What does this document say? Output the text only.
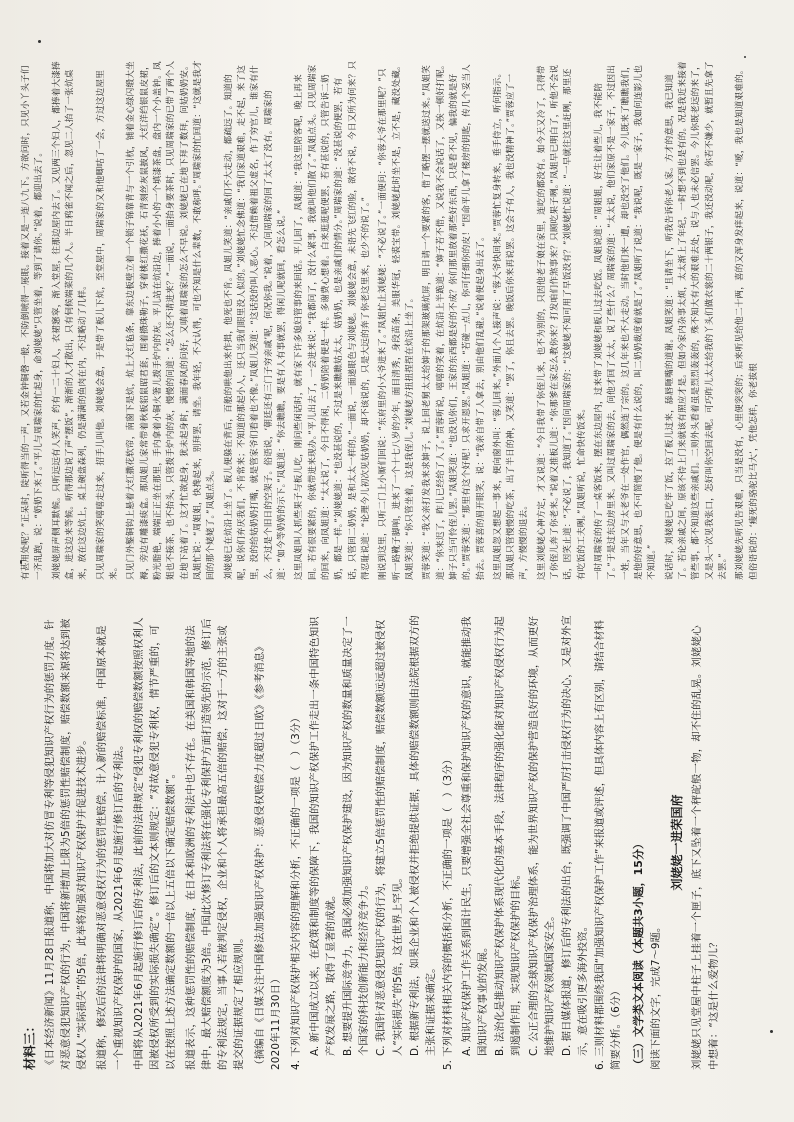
材料三： 《日本经济新闻》11月28日报道称，中国将加大对仿冒专利等侵犯知识产权行为的惩罚力度。针对恶意侵犯知识产权的行为，中国将新增加上限为5倍的惩罚性赔偿制度，赔偿数额来源将达到被侵权人“实际损失”的5倍，此举将加强对知识产权保护并促进技术进步。 报道称，修改后的法律将明确对恶意侵权行为的惩罚性赔偿，计入新的赔偿标准，中国原本就是一个重视知识产权保护的国家，从2021年6月起施行修订后的专利法。 中国将从2021年6月起施行修订后的专利法，此前的法律规定“侵犯专利权的赔偿数额按照权利人因被侵权所受到的实际损失确定”。修订后的文本则规定：“对故意侵犯专利权，情节严重的，可以在按照上述方法确定数额的一倍以上五倍以下确定赔偿数额”。 报道表示，这种惩罚性的赔偿制度，在日本和欧洲的专利法中也不存在。在美国和韩国等地的法律中，最大赔偿额度为3倍。中国此次修订专利法将在强化专利保护方面打造领先的示范，修订后的专利法规定，当事人若被判定侵权，企业和个人将承担最高五倍的赔偿，这对于一方的主张或提交的证据规定了相应规则。 （摘编自《日媒关注中国修法加强知识产权保护：恶意侵权赔偿力度超过日欧》《参考消息》2020年11月30日） 4. 下列对知识产权保护相关内容的理解和分析，不正确的一项是（　）（3分） A. 新中国成立以来，在政策和制度等的保障下，我国的知识产权保护工作走出一条中国特色知识产权发展之路，取得了显著的成就。 B. 想要提升国际竞争力，我国必须加强知识产权保护建设，因为知识产权的数量和质量决定了一个国家的科技创新能力和经济竞争力。 C. 我国针对恶意侵犯知识产权的行为，将建立5倍惩罚性的赔偿制度，赔偿数额远远超过被侵权人“实际损失”的5倍，这在世界上罕见。 D. 根据新专利法，如果企业和个人被侵权并拒绝提供证据，具体的赔偿数额则由法院根据双方的主张和证据来确定。 5. 下列对材料相关内容的概括和分析，不正确的一项是（　）（3分） A. 知识产权保护工作关系到国计民生，只要增强全社会尊重和保护知识产权的意识，就能推动我国知识产权事业的发展。 B. 法治化是推动知识产权保护体系现代化的基本手段，法律程序的强化能对知识产权侵权行为起到遏制作用，实现知识产权保护的目标。 C. 公正合理的全球知识产权保护治理体系，能为世界知识产权的保护营造良好的环境，从而更好地维护知识产权领域国家安全。 D. 据日媒体报道，修订后的专利法的出台，既强调了中国严厉打击侵权行为的决心，又是对外宣示，意在吸引更多海外投资。 6. 三则材料都围绕我国“加强知识产权保护工作”来报道或评述，但具体内容上有区别，请结合材料简要分析。（6分） （三）文学类文本阅读（本题共3小题，15分） 阅读下面的文字，完成7～9题。

刘姥姥一进荣国府 刘姥姥只见堂屋中柱子上挂着一个匣子，底下又坠着一个秤砣般一物，却不住的乱晃。刘姥姥心中想着：“这是什么爱物儿？

有甚用处呢？”正呆时，陡听得当的一声，又若金钟铜磬一般，不防倒唬得一展眼。接着又是一连八九下。方欲问时，只见小丫头子们一齐乱跑，说：“奶奶下来了。”平儿与周瑞家的忙起身，命刘姥姥“只管坐着，等到了请你。”说着，都迎出去了。 刘姥姥屏声侧耳默候。只听远远有人笑声，约有一二十妇人，衣裙窸窣，渐入堂屋，往那边屋内去了。又见两三个妇人，都捧着大漆捧盒，进这边来等候。听得那边说了声“摆饭”，渐渐的人才散出，只有伺候端菜的几个人。半日鸦雀不闻之后，忽见二人抬了一张炕桌来，放在这边炕上，桌上碗盘森列，仍是满满的鱼肉在内，不过略动了几样。 只见周瑞家的笑嘻嘻走过来，招手儿叫他。刘姥姥会意，于是带了板儿下炕，至堂屋中，周瑞家的又和他唧咕了一会，方过这边屋里来。 只见门外錾铜钩上悬着大红撒花软帘，南窗下是炕，炕上大红毡条，靠东边板壁立着一个锁子锦靠背与一个引枕，铺着金心绿闪缎大坐褥，旁边有雕漆痰盒。那凤姐儿家常带着秋板貂鼠昭君套，围着攒珠勒子，穿着桃红撒花袄，石青刻丝灰鼠披风，大红洋绉银鼠皮裙，粉光脂艳，端端正正坐在那里，手内拿着小铜火箸儿拨手炉内的灰。平儿站在炕沿边，捧着小小的一个填漆茶盘，盘内一个小盖钟。凤姐也不接茶，也不抬头，只管拨手炉内的灰，慢慢的问道：“怎么还不请进来？”一面说，一面抬身要茶时，只见周瑞家的已带了两个人在地下站着了。这才忙欲起身，犹未起身时，满面春风的问好，又嗔着周瑞家的怎么不早说。刘姥姥已在地下拜了数拜，问姑奶奶安。凤姐忙说：“周姐姐，快搀起来，别拜罢，请坐。我年轻，不大认得，可也不知是什么辈数，不敢称呼。”周瑞家的忙回道：“这就是我才回的那个姥姥了。”凤姐点头。 刘姥姥已在炕沿上坐了。板儿便躲在背后，百般的哄他出来作揖，他死也不肯。凤姐儿笑道：“亲戚们不大走动，都疏远了。知道的呢，说你们弃厌我们，不肯常来；不知道的那起小人，还只当我们眼里没人似的。”刘姥姥忙念佛道：“我们家道艰难，走不起，来了这里，没的给姑奶奶打嘴，就是管家爷们看着也不像。”凤姐儿笑道：“这话没的叫人恶心。不过借赖着祖父虚名，作了穷官儿，谁家有什么，不过是个旧日的空架子。俗语说，‘朝廷还有三门子穷亲戚’呢，何况你我。”说着，又问周瑞家的回了太太了没有。周瑞家的道：“如今等奶奶的示下。”凤姐道：“你去瞧瞧，要是有人有事就罢，得闲儿呢就回，看怎么说。” 这里凤姐叫人抓些果子与板儿吃，刚问些闲话时，就有家下许多媳妇管事的来回话。平儿回了，凤姐道：“我这里陪客呢，晚上再来回。若有很要紧的，你就带进来现办。”平儿出去了，一会进来说：“我都问了，没什么紧事，我就叫他们散了。”凤姐点头。只见周瑞家的回来，向凤姐道：“太太说了，今日不得闲，二奶奶陪着便是一样。多谢费心想着。白来逛逛呢便罢，若有甚说的，只管告诉二奶奶，都是一样。”刘姥姥道：“也没甚说的，不过是来瞧瞧姑太太，姑奶奶，也是亲戚们的情分。”周瑞家的道：“没甚说的便罢，若有话，只管回二奶奶，是和太太一样的。”一面说，一面递眼色与刘姥姥。刘姥姥会意，未语先飞红的脸，欲待不说，今日又所为何来？只得忍耻说道：“论理今儿初次见姑奶奶，却不该说的，只是大远的奔了你老这里来，也少不的说了。” 刚说到这里，只听二门上小厮们回说：“东府里的小大爷进来了。”凤姐忙止刘姥姥：“不必说了。”一面便问：“你蓉大爷在那里呢？”只听一路靴子脚响，进来了一个十七八岁的少年，面目清秀，身段苗条，美服华冠，轻裘宝带。刘姥姥此时坐不是，立不是，藏没处藏。凤姐笑道：“你只管坐着，这是我侄儿。”刘姥姥方扭扭捏捏在炕沿上坐了。 贾蓉笑道：“我父亲打发我来求婶子，说上回老舅太太给婶子的那架玻璃炕屏，明日请一个要紧的客，借了略摆一摆就送过来。”凤姐笑道：“你来迟了，昨儿已经给了人了。”贾蓉听说，嘻嘻的笑着，在炕沿上半跪道：“婶子若不借，又说我不会说话了，又挨一顿好打呢。婶子只当可怜侄儿罢。”凤姐笑道：“也没见你们，王家的东西都是好的不成？你们那里放着那些好东西，只是看不见，偏我的就是好的。”贾蓉笑道：“那里有这个好呢！只求开恩罢。”凤姐道：“若碰一点儿，你可仔细你的皮！”因命平儿拿了楼房的钥匙，传几个妥当人抬去。贾蓉喜的眉开眼笑，说：“我亲自带了人拿去，别由他们乱碰。”说着便起身出去了。 这里凤姐忽又想起一事来，便向窗外叫：“蓉儿回来。”外面几个人接声说：“蓉大爷快回来。”贾蓉忙复身转来，垂手侍立，听何指示。那凤姐只管慢慢的吃茶，出了半日的神，又笑道：“罢了，你且去罢。晚饭后你来再说罢。这会子有人，我也没精神了。”贾蓉应了一声，方慢慢的退去。 这里刘姥姥心神方定，才又说道：“今日我带了你侄儿来，也不为别的，只因他老子娘在家里，连吃的都没有。如今天又冷了，只得带了你侄儿奔了你老来。”说着又推板儿道：“你那爹在家怎么教你来？打发咱们作煞事来？只顾吃果子咧。”凤姐早已明白了，听他不会说话，因笑止道：“不必说了，我知道了。”因问周瑞家的：“这姥姥不知可用了早饭没有？”刘姥姥忙说道：“一早就往这里赶咧，那里还有吃饭的工夫咧。”凤姐听说，忙命快传饭来。 一时周瑞家的传了一桌客饭来，摆在东边屋内，过来带了刘姥姥和板儿过去吃饭。凤姐说道：“周姐姐，好生让着些儿，我不能陪了。”于是过东边房里来。又叫过周瑞家的去，问他才回了太太，说了些什么？周瑞家的道：“太太说，他们家原不是一家子，不过因出一姓，当年又与太老爷在一处作官，偶然连了宗的。这几年来也不大走动。当时他们来一遭，却也没空了他们。今儿既来了瞧瞧我们，是他的好意思，也不可简慢了他。便是有什么说的，叫二奶奶裁度着就是了。”凤姐听了说道：“我说呢，既是一家子，我如何连影儿也不知道。” 说话时，刘姥姥已吃毕了饭，拉了板儿过来，舔唇咂嘴的道谢。凤姐笑道：“且请坐下，听我告诉你老人家。方才的意思，我已知道了。若论亲戚之间，原该不待上门来就该有照应才是。但如今家内杂事太烦，太太渐上了年纪，一时想不到也是有的。况是我近来接着管些事，都不知道这些亲戚们。二则外头看着虽是烈烈轰轰的，殊不知大有大的艰难去处，说与人也未必信罢。今儿你既老远的来了，又是头一次见我张口，怎好叫你空回去呢。可巧昨儿太太给我的丫头们做衣裳的二十两银子，我还没动呢，你若不嫌少，就暂且先拿了去罢。” 那刘姥姥先听见告艰难，只当是没有，心里便突突的；后来听见给他二十两，喜的又浑身发痒起来，说道：“嗳，我也是知道艰难的。但俗语说的：‘瘦死的骆驼比马大’，凭他怎样，你老拔根
